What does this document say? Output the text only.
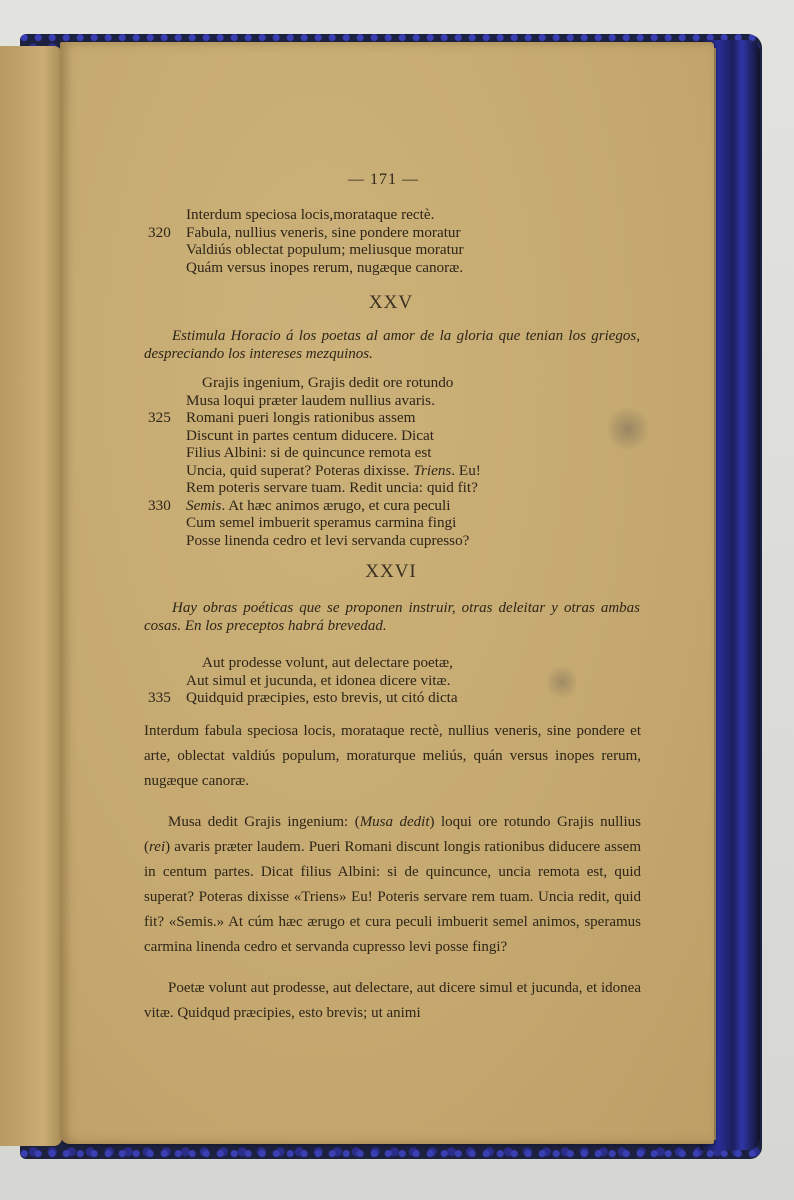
— 171 —
Interdum speciosa locis,morataque rectè.
320	Fabula, nullius veneris, sine pondere moratur
Valdiús oblectat populum; meliusque moratur
Quám versus inopes rerum, nugæque canoræ.
XXV
Estimula Horacio á los poetas al amor de la gloria que tenian los griegos, despreciando los intereses mezquinos.
Grajis ingenium, Grajis dedit ore rotundo
Musa loqui præter laudem nullius avaris.
325	Romani pueri longis rationibus assem
Discunt in partes centum diducere. Dicat
Filius Albini: si de quincunce remota est
Uncia, quid superat? Poteras dixisse.
Triens . Eu!
Rem poteris servare tuam. Redit uncia: quid fit?
330	Semis . At hæc animos ærugo, et cura peculi
Cum semel imbuerit speramus carmina fingi
Posse linenda cedro et levi servanda cupresso?
XXVI
Hay obras poéticas que se proponen instruir, otras deleitar y otras ambas cosas. En los preceptos habrá brevedad.
Aut prodesse volunt, aut delectare poetæ,
Aut simul et jucunda, et idonea dicere vitæ.
335	Quidquid præcipies, esto brevis, ut citó dicta

Interdum fabula speciosa locis, morataque rectè, nullius veneris, sine pondere et arte, oblectat valdiús populum, moraturque meliús, quán versus inopes rerum, nugæque canoræ.

Musa dedit Grajis ingenium: (Musa dedit) loqui ore rotundo Grajis nullius (rei) avaris præter laudem. Pueri Romani discunt longis rationibus diducere assem in centum partes. Dicat filius Albini: si de quincunce, uncia remota est, quid superat? Poteras dixisse «Triens» Eu! Poteris servare rem tuam. Uncia redit, quid fit? «Semis.» At cúm hæc ærugo et cura peculi imbuerit semel animos, speramus carmina linenda cedro et servanda cupresso levi posse fingi?

Poetæ volunt aut prodesse, aut delectare, aut dicere simul et jucunda, et idonea vitæ. Quidqud præcipies, esto brevis; ut animi
